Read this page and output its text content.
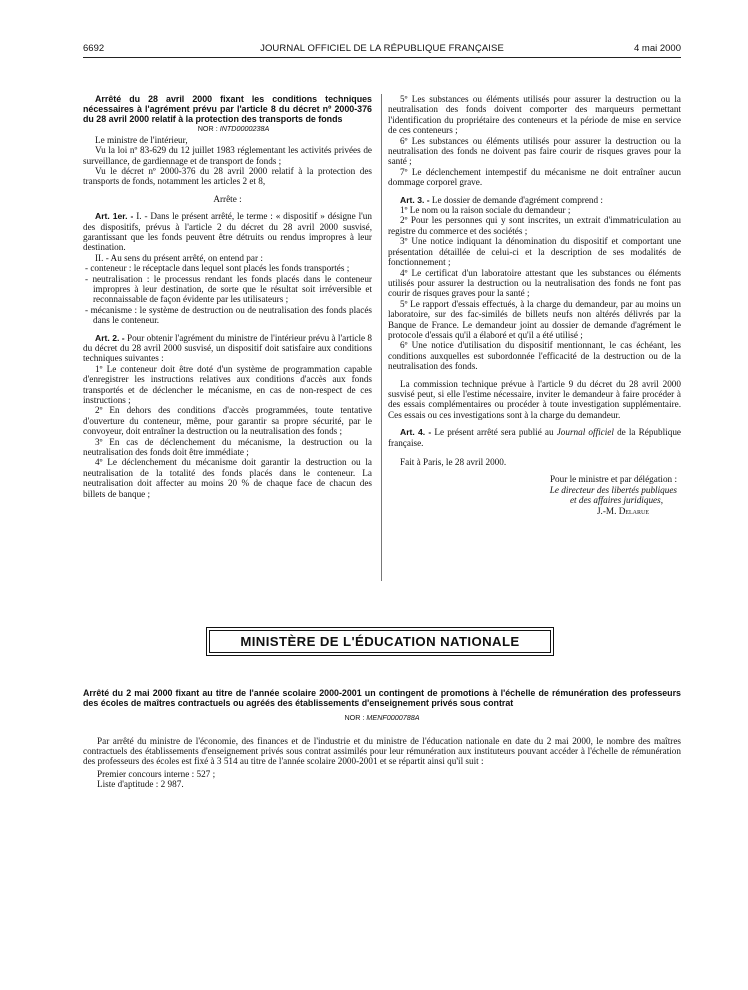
6692	JOURNAL OFFICIEL DE LA RÉPUBLIQUE FRANÇAISE	4 mai 2000

Arrêté du 28 avril 2000 fixant les conditions techniques nécessaires à l'agrément prévu par l'article 8 du décret nº 2000-376 du 28 avril 2000 relatif à la protection des transports de fonds

NOR : INTD0000238A

Le ministre de l'intérieur,

Vu la loi nº 83-629 du 12 juillet 1983 réglementant les activités privées de surveillance, de gardiennage et de transport de fonds ;

Vu le décret nº 2000-376 du 28 avril 2000 relatif à la protection des transports de fonds, notamment les articles 2 et 8,

Arrête :

Art. 1er. - I. - Dans le présent arrêté, le terme : « dispositif » désigne l'un des dispositifs, prévus à l'article 2 du décret du 28 avril 2000 susvisé, garantissant que les fonds peuvent être détruits ou rendus impropres à leur destination.

II. - Au sens du présent arrêté, on entend par :

- conteneur : le réceptacle dans lequel sont placés les fonds transportés ;

- neutralisation : le processus rendant les fonds placés dans le conteneur impropres à leur destination, de sorte que le résultat soit irréversible et reconnaissable de façon évidente par les utilisateurs ;

- mécanisme : le système de destruction ou de neutralisation des fonds placés dans le conteneur.

Art. 2. - Pour obtenir l'agrément du ministre de l'intérieur prévu à l'article 8 du décret du 28 avril 2000 susvisé, un dispositif doit satisfaire aux conditions techniques suivantes :

1º Le conteneur doit être doté d'un système de programmation capable d'enregistrer les instructions relatives aux conditions d'accès aux fonds transportés et de déclencher le mécanisme, en cas de non-respect de ces instructions ;

2º En dehors des conditions d'accès programmées, toute tentative d'ouverture du conteneur, même, pour garantir sa propre sécurité, par le convoyeur, doit entraîner la destruction ou la neutralisation des fonds ;

3º En cas de déclenchement du mécanisme, la destruction ou la neutralisation des fonds doit être immédiate ;

4º Le déclenchement du mécanisme doit garantir la destruction ou la neutralisation de la totalité des fonds placés dans le conteneur. La neutralisation doit affecter au moins 20 % de chaque face de chacun des billets de banque ;

5º Les substances ou éléments utilisés pour assurer la destruction ou la neutralisation des fonds doivent comporter des marqueurs permettant l'identification du propriétaire des conteneurs et la période de mise en service de ces conteneurs ;

6º Les substances ou éléments utilisés pour assurer la destruction ou la neutralisation des fonds ne doivent pas faire courir de risques graves pour la santé ;

7º Le déclenchement intempestif du mécanisme ne doit entraîner aucun dommage corporel grave.

Art. 3. - Le dossier de demande d'agrément comprend :

1º Le nom ou la raison sociale du demandeur ;

2º Pour les personnes qui y sont inscrites, un extrait d'immatriculation au registre du commerce et des sociétés ;

3º Une notice indiquant la dénomination du dispositif et comportant une présentation détaillée de celui-ci et la description de ses modalités de fonctionnement ;

4º Le certificat d'un laboratoire attestant que les substances ou éléments utilisés pour assurer la destruction ou la neutralisation des fonds ne font pas courir de risques graves pour la santé ;

5º Le rapport d'essais effectués, à la charge du demandeur, par au moins un laboratoire, sur des fac-similés de billets neufs non altérés délivrés par la Banque de France. Le demandeur joint au dossier de demande d'agrément le protocole d'essais qu'il a élaboré et qu'il a été utilisé ;

6º Une notice d'utilisation du dispositif mentionnant, le cas échéant, les conditions auxquelles est subordonnée l'efficacité de la destruction ou de la neutralisation des fonds.

La commission technique prévue à l'article 9 du décret du 28 avril 2000 susvisé peut, si elle l'estime nécessaire, inviter le demandeur à faire procéder à des essais complémentaires ou procéder à toute investigation supplémentaire. Ces essais ou ces investigations sont à la charge du demandeur.

Art. 4. - Le présent arrêté sera publié au Journal officiel de la République française.

Fait à Paris, le 28 avril 2000.

Pour le ministre et par délégation :
Le directeur des libertés publiques
et des affaires juridiques,
J.-M. Delarue
MINISTÈRE DE L'ÉDUCATION NATIONALE

Arrêté du 2 mai 2000 fixant au titre de l'année scolaire 2000-2001 un contingent de promotions à l'échelle de rémunération des professeurs des écoles de maîtres contractuels ou agréés des établissements d'enseignement privés sous contrat

NOR : MENF0000788A

Par arrêté du ministre de l'économie, des finances et de l'industrie et du ministre de l'éducation nationale en date du 2 mai 2000, le nombre des maîtres contractuels des établissements d'enseignement privés sous contrat assimilés pour leur rémunération aux instituteurs pouvant accéder à l'échelle de rémunération des professeurs des écoles est fixé à 3 514 au titre de l'année scolaire 2000-2001 et se répartit ainsi qu'il suit :

Premier concours interne : 527 ;

Liste d'aptitude : 2 987.
